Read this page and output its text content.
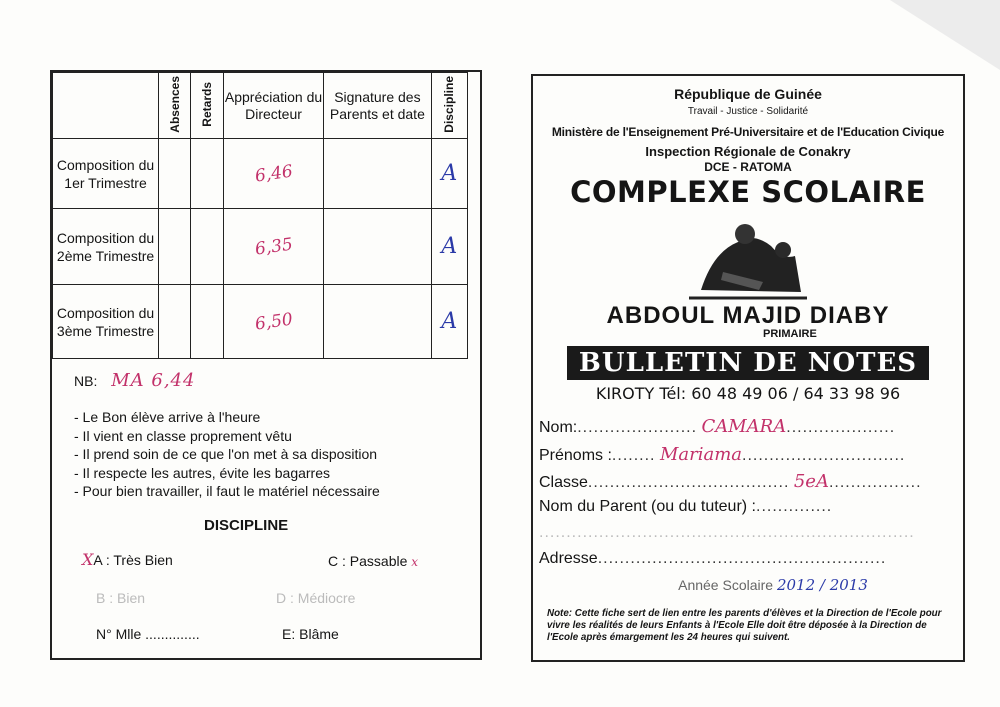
	Absences	Retards	Appréciation du Directeur	Signature des Parents et date	Discipline
Composition du 1er Trimestre			6,46		A
Composition du 2ème Trimestre			6,35		A
Composition du 3ème Trimestre			6,50		A
NB: MA 6,44
- Le Bon élève arrive à l'heure
- Il vient en classe proprement vêtu
- Il prend soin de ce que l'on met à sa disposition
- Il respecte les autres, évite les bagarres
- Pour bien travailler, il faut le matériel nécessaire
DISCIPLINE
XA : Très Bien	C : Passable x
B : Bien	D : Médiocre
N° Mlle ..............	E: Blâme
République de Guinée
Travail - Justice - Solidarité
Ministère de l'Enseignement Pré-Universitaire et de l'Education Civique
Inspection Régionale de Conakry
DCE - RATOMA
COMPLEXE SCOLAIRE
ABDOUL MAJID DIABY
PRIMAIRE
BULLETIN DE NOTES
KIROTY Tél: 60 48 49 06 / 64 33 98 96
Nom:...................... CAMARA....................
Prénoms :........ Mariama..............................
Classe..................................... 5eA.................
Nom du Parent (ou du tuteur) :..............
.....................................................................
Adresse.....................................................
Année Scolaire 2012 / 2013
Note: Cette fiche sert de lien entre les parents d'élèves et la Direction de l'Ecole pour vivre les réalités de leurs Enfants à l'Ecole Elle doit être déposée à la Direction de l'Ecole après émargement les 24 heures qui suivent.
